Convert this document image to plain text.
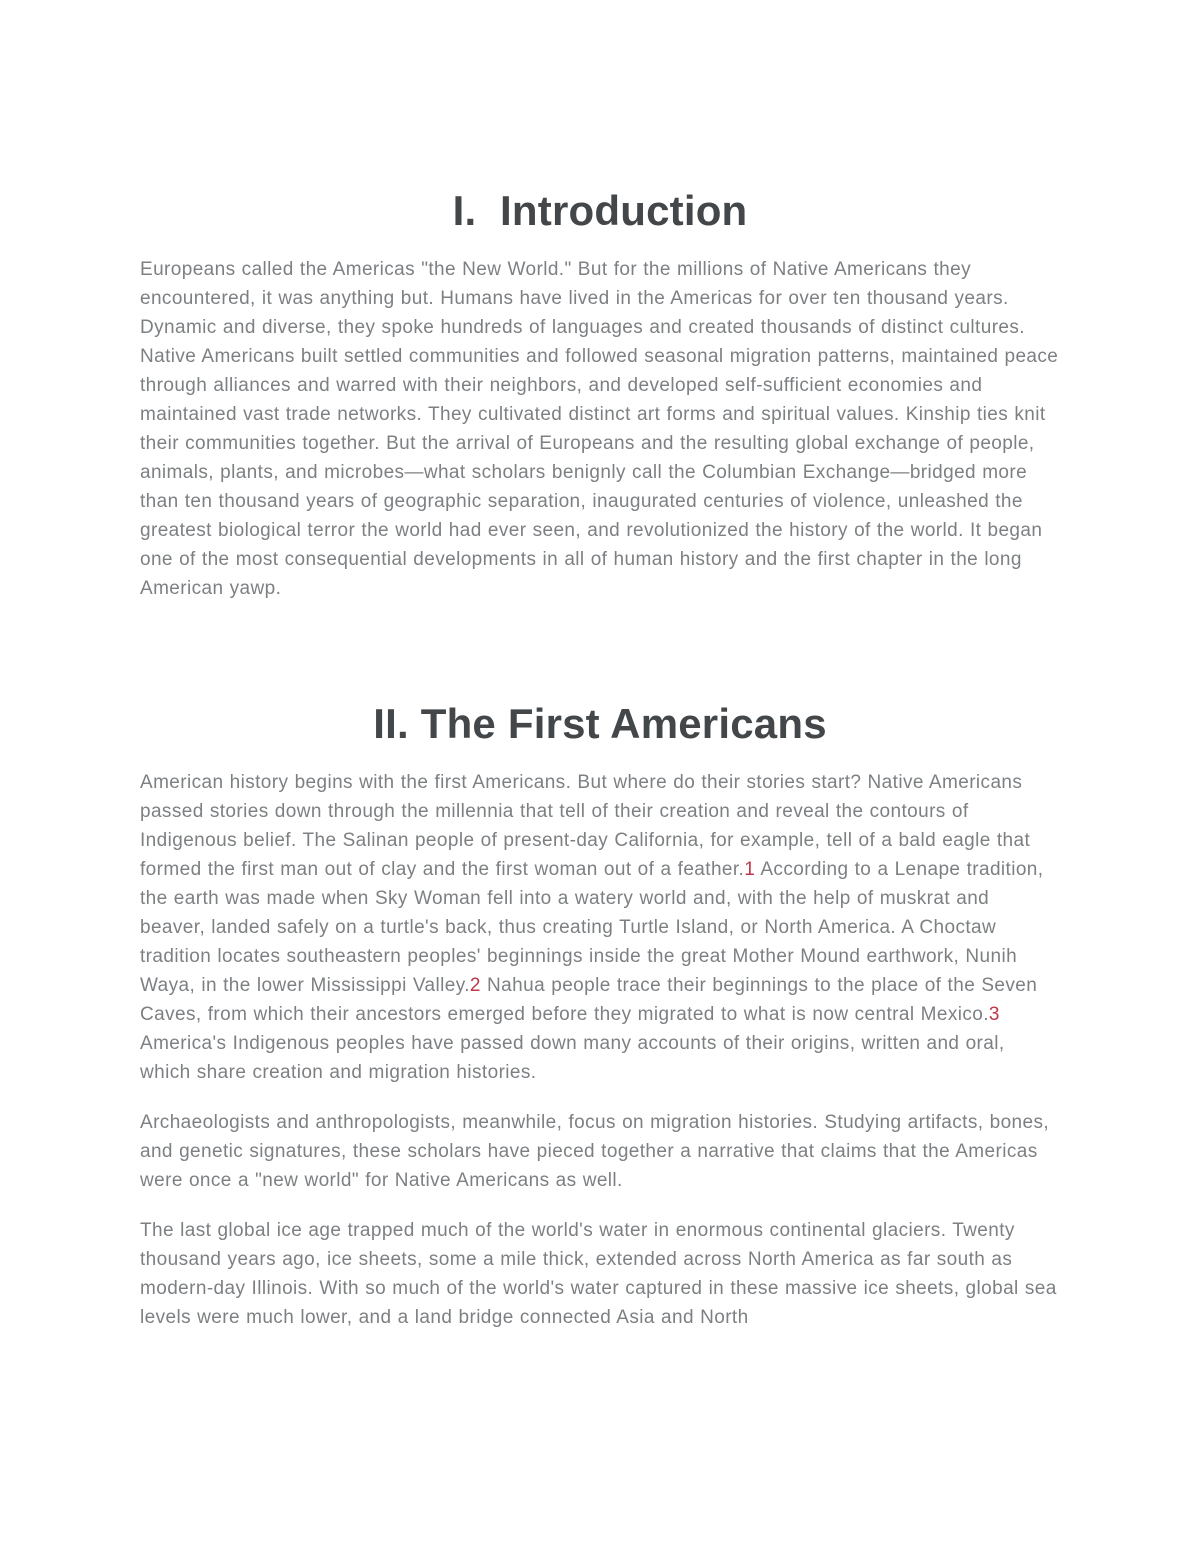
I.  Introduction

Europeans called the Americas "the New World." But for the millions of Native Americans they encountered, it was anything but. Humans have lived in the Americas for over ten thousand years. Dynamic and diverse, they spoke hundreds of languages and created thousands of distinct cultures. Native Americans built settled communities and followed seasonal migration patterns, maintained peace through alliances and warred with their neighbors, and developed self-sufficient economies and maintained vast trade networks. They cultivated distinct art forms and spiritual values. Kinship ties knit their communities together. But the arrival of Europeans and the resulting global exchange of people, animals, plants, and microbes—what scholars benignly call the Columbian Exchange—bridged more than ten thousand years of geographic separation, inaugurated centuries of violence, unleashed the greatest biological terror the world had ever seen, and revolutionized the history of the world. It began one of the most consequential developments in all of human history and the first chapter in the long American yawp.

II. The First Americans

American history begins with the first Americans. But where do their stories start? Native Americans passed stories down through the millennia that tell of their creation and reveal the contours of Indigenous belief. The Salinan people of present-day California, for example, tell of a bald eagle that formed the first man out of clay and the first woman out of a feather.1 According to a Lenape tradition, the earth was made when Sky Woman fell into a watery world and, with the help of muskrat and beaver, landed safely on a turtle's back, thus creating Turtle Island, or North America. A Choctaw tradition locates southeastern peoples' beginnings inside the great Mother Mound earthwork, Nunih Waya, in the lower Mississippi Valley.2 Nahua people trace their beginnings to the place of the Seven Caves, from which their ancestors emerged before they migrated to what is now central Mexico.3 America's Indigenous peoples have passed down many accounts of their origins, written and oral, which share creation and migration histories.

Archaeologists and anthropologists, meanwhile, focus on migration histories. Studying artifacts, bones, and genetic signatures, these scholars have pieced together a narrative that claims that the Americas were once a "new world" for Native Americans as well.

The last global ice age trapped much of the world's water in enormous continental glaciers. Twenty thousand years ago, ice sheets, some a mile thick, extended across North America as far south as modern-day Illinois. With so much of the world's water captured in these massive ice sheets, global sea levels were much lower, and a land bridge connected Asia and North
